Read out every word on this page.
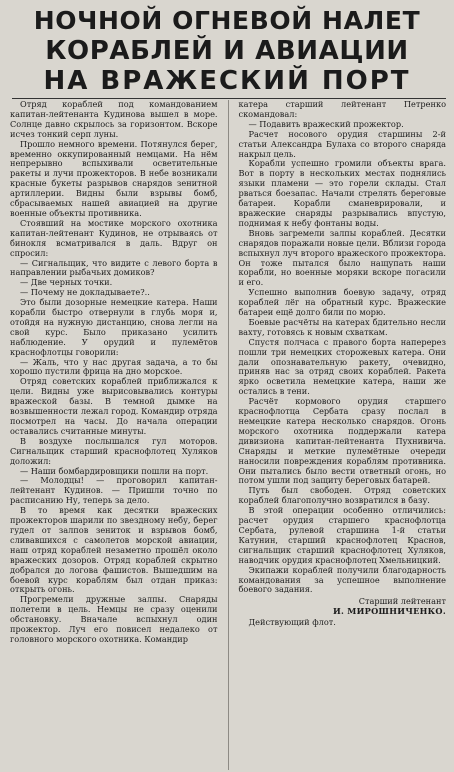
НОЧНОЙ ОГНЕВОЙ НАЛЕТ
КОРАБЛЕЙ И АВИАЦИИ
НА ВРАЖЕСКИЙ ПОРТ

Отряд кораблей под командованием капитан-лейтенанта Кудинова вышел в море. Солнце давно скрылось за горизонтом. Вскоре исчез тонкий серп луны.

Прошло немного времени. Потянулся берег, временно оккупированный немцами. На нём непрерывно вспыхивали осветительные ракеты и лучи прожекторов. В небе возникали красные букеты разрывов снарядов зенитной артиллерии. Видны были взрывы бомб, сбрасываемых нашей авиацией на другие военные объекты противника.

Стоявший на мостике морского охотника капитан-лейтенант Кудинов, не отрываясь от бинокля всматривался в даль. Вдруг он спросил:

— Сигнальщик, что видите с левого борта в направлении рыбачьих домиков?

— Две черных точки.

— Почему не докладываете?..

Это были дозорные немецкие катера. Наши корабли быстро отвернули в глубь моря и, отойдя на нужную дистанцию, снова легли на свой курс. Было приказано усилить наблюдение. У орудий и пулемётов краснофлотцы говорили:

— Жаль, что у нас другая задача, а то бы хорошо пустили фрица на дно морское.

Отряд советских кораблей приближался к цели. Видны уже вырисовывались контуры вражеской базы. В темной дымке на возвышенности лежал город. Командир отряда посмотрел на часы. До начала операции оставались считанные минуты.

В воздухе послышался гул моторов. Сигнальщик старший краснофлотец Хуляков доложил:

— Наши бомбардировщики пошли на порт.

— Молодцы! — проговорил капитан-лейтенант Кудинов. — Пришли точно по расписанию Ну, теперь за дело.

В то время как десятки вражеских прожекторов шарили по звездному небу, берег гудел от залпов зениток и взрывов бомб, сливавшихся с самолетов морской авиации, наш отряд кораблей незаметно прошёл около вражеских дозоров. Отряд кораблей скрытно добрался до логова фашистов. Вышедшим на боевой курс кораблям был отдан приказ: открыть огонь.

Прогремели дружные залпы. Снаряды полетели в цель. Немцы не сразу оценили обстановку. Вначале вспыхнул один прожектор. Луч его повисел недалеко от головного морского охотника. Командир

катера старший лейтенант Петренко скомандовал:

— Подавить вражеский прожектор.

Расчет носового орудия старшины 2-й статьи Александра Булаха со второго снаряда накрыл цель.

Корабли успешно громили объекты врага. Вот в порту в нескольких местах поднялись языки пламени — это горели склады. Стал рваться боезапас. Начали стрелять береговые батареи. Корабли сманеврировали, и вражеские снаряды разрывались впустую, поднимая к небу фонтаны воды.

Вновь загремели залпы кораблей. Десятки снарядов поражали новые цели. Вблизи города вспыхнул луч второго вражеского прожектора. Он тоже пытался было нащупать наши корабли, но военные моряки вскоре погасили и его.

Успешно выполнив боевую задачу, отряд кораблей лёг на обратный курс. Вражеские батареи ещё долго били по морю.

Боевые расчёты на катерах бдительно несли вахту, готовясь к новым схваткам.

Спустя полчаса с правого борта наперерез пошли три немецких сторожевых катера. Они дали опознавательную ракету, очевидно, приняв нас за отряд своих кораблей. Ракета ярко осветила немецкие катера, наши же остались в тени.

Расчёт кормового орудия старшего краснофлотца Сербата сразу послал в немецкие катера несколько снарядов. Огонь морского охотника поддержали катера дивизиона капитан-лейтенанта Пухнивича. Снаряды и меткие пулемётные очереди наносили повреждения кораблям противника. Они пытались было вести ответный огонь, но потом ушли под защиту береговых батарей.

Путь был свободен. Отряд советских кораблей благополучно возвратился в базу.

В этой операции особенно отличились: расчет орудия старшего краснофлотца Сербата, рулевой старшина 1-й статьи Катунин, старший краснофлотец Краснов, сигнальщик старший краснофлотец Хуляков, наводчик орудия краснофлотец Хмельницкий.

Экипажи кораблей получили благодарность командования за успешное выполнение боевого задания.

Старший лейтенант
И. МИРОШНИЧЕНКО.
Действующий флот.
